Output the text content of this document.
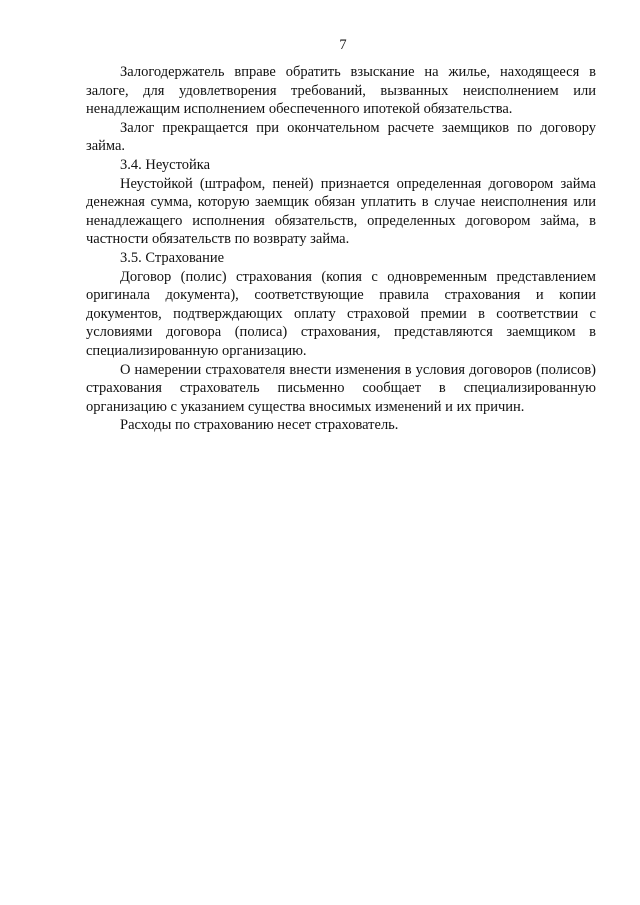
7

Залогодержатель вправе обратить взыскание на жилье, находящееся в залоге, для удовлетворения требований, вызванных неисполнением или ненадлежащим исполнением обеспеченного ипотекой обязательства.

Залог прекращается при окончательном расчете заемщиков по договору займа.

3.4. Неустойка

Неустойкой (штрафом, пеней) признается определенная договором займа денежная сумма, которую заемщик обязан уплатить в случае неисполнения или ненадлежащего исполнения обязательств, определенных договором займа, в частности обязательств по возврату займа.

3.5. Страхование

Договор (полис) страхования (копия с одновременным представлением оригинала документа), соответствующие правила страхования и копии документов, подтверждающих оплату страховой премии в соответствии с условиями договора (полиса) страхования, представляются заемщиком в специализированную организацию.

О намерении страхователя внести изменения в условия договоров (полисов) страхования страхователь письменно сообщает в специализированную организацию с указанием существа вносимых изменений и их причин.

Расходы по страхованию несет страхователь.
